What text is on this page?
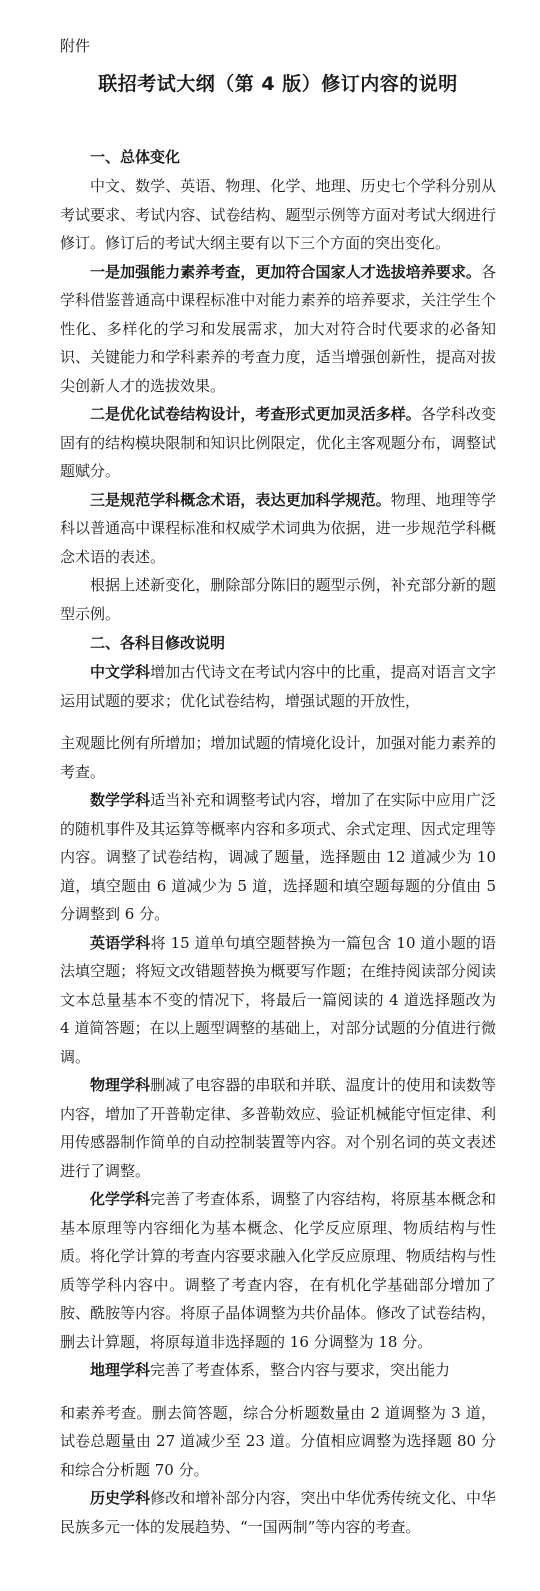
附件

联招考试大纲（第 4 版）修订内容的说明
一、总体变化

中文、数学、英语、物理、化学、地理、历史七个学科分别从考试要求、考试内容、试卷结构、题型示例等方面对考试大纲进行修订。修订后的考试大纲主要有以下三个方面的突出变化。

一是加强能力素养考查，更加符合国家人才选拔培养要求。各学科借鉴普通高中课程标准中对能力素养的培养要求，关注学生个性化、多样化的学习和发展需求，加大对符合时代要求的必备知识、关键能力和学科素养的考查力度，适当增强创新性，提高对拔尖创新人才的选拔效果。

二是优化试卷结构设计，考查形式更加灵活多样。各学科改变固有的结构模块限制和知识比例限定，优化主客观题分布，调整试题赋分。

三是规范学科概念术语，表达更加科学规范。物理、地理等学科以普通高中课程标准和权威学术词典为依据，进一步规范学科概念术语的表述。

根据上述新变化，删除部分陈旧的题型示例，补充部分新的题型示例。

二、各科目修改说明

中文学科增加古代诗文在考试内容中的比重，提高对语言文字运用试题的要求；优化试卷结构，增强试题的开放性，

主观题比例有所增加；增加试题的情境化设计，加强对能力素养的考查。

数学学科适当补充和调整考试内容，增加了在实际中应用广泛的随机事件及其运算等概率内容和多项式、余式定理、因式定理等内容。调整了试卷结构，调减了题量，选择题由 12 道减少为 10 道，填空题由 6 道减少为 5 道，选择题和填空题每题的分值由 5 分调整到 6 分。

英语学科将 15 道单句填空题替换为一篇包含 10 道小题的语法填空题；将短文改错题替换为概要写作题；在维持阅读部分阅读文本总量基本不变的情况下，将最后一篇阅读的 4 道选择题改为 4 道简答题；在以上题型调整的基础上，对部分试题的分值进行微调。

物理学科删减了电容器的串联和并联、温度计的使用和读数等内容，增加了开普勒定律、多普勒效应、验证机械能守恒定律、利用传感器制作简单的自动控制装置等内容。对个别名词的英文表述进行了调整。

化学学科完善了考查体系，调整了内容结构，将原基本概念和基本原理等内容细化为基本概念、化学反应原理、物质结构与性质。将化学计算的考查内容要求融入化学反应原理、物质结构与性质等学科内容中。调整了考查内容，在有机化学基础部分增加了胺、酰胺等内容。将原子晶体调整为共价晶体。修改了试卷结构，删去计算题，将原每道非选择题的 16 分调整为 18 分。

地理学科完善了考查体系，整合内容与要求，突出能力

和素养考查。删去简答题，综合分析题数量由 2 道调整为 3 道，试卷总题量由 27 道减少至 23 道。分值相应调整为选择题 80 分和综合分析题 70 分。

历史学科修改和增补部分内容，突出中华优秀传统文化、中华民族多元一体的发展趋势、“一国两制”等内容的考查。
